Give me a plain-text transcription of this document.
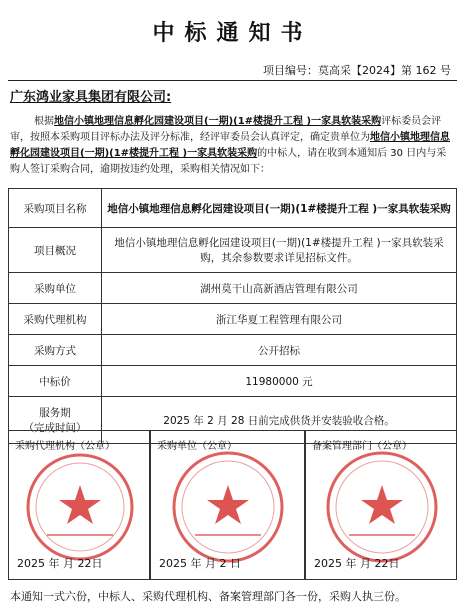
中标通知书
项目编号：莫高采【2024】第 162 号
广东鸿业家具集团有限公司:
根据地信小镇地理信息孵化园建设项目(一期)(1#楼提升工程 )一家具软装采购评标委员会评审，按照本采购项目评标办法及评分标准，经评审委员会认真评定，确定贵单位为地信小镇地理信息孵化园建设项目(一期)(1#楼提升工程 )一家具软装采购的中标人，请在收到本通知后 30 日内与采购人签订采购合同，逾期按违约处理，采购相关情况如下：
采购项目名称	地信小镇地理信息孵化园建设项目(一期)(1#楼提升工程 )一家具软装采购
项目概况	地信小镇地理信息孵化园建设项目(一期)(1#楼提升工程 )一家具软装采购，其余参数要求详见招标文件。
采购单位	湖州莫干山高新酒店管理有限公司
采购代理机构	浙江华夏工程管理有限公司
采购方式	公开招标
中标价	11980000 元

服务期
（完成时间）	2025 年 2 月 28 日前完成供货并安装验收合格。
采购代理机构（公章）
2025 年 月 22日
采购单位（公章）
2025 年 月 2 日
备案管理部门（公章）
2025 年 月 22日
本通知一式六份，中标人、采购代理机构、备案管理部门各一份，采购人执三份。
